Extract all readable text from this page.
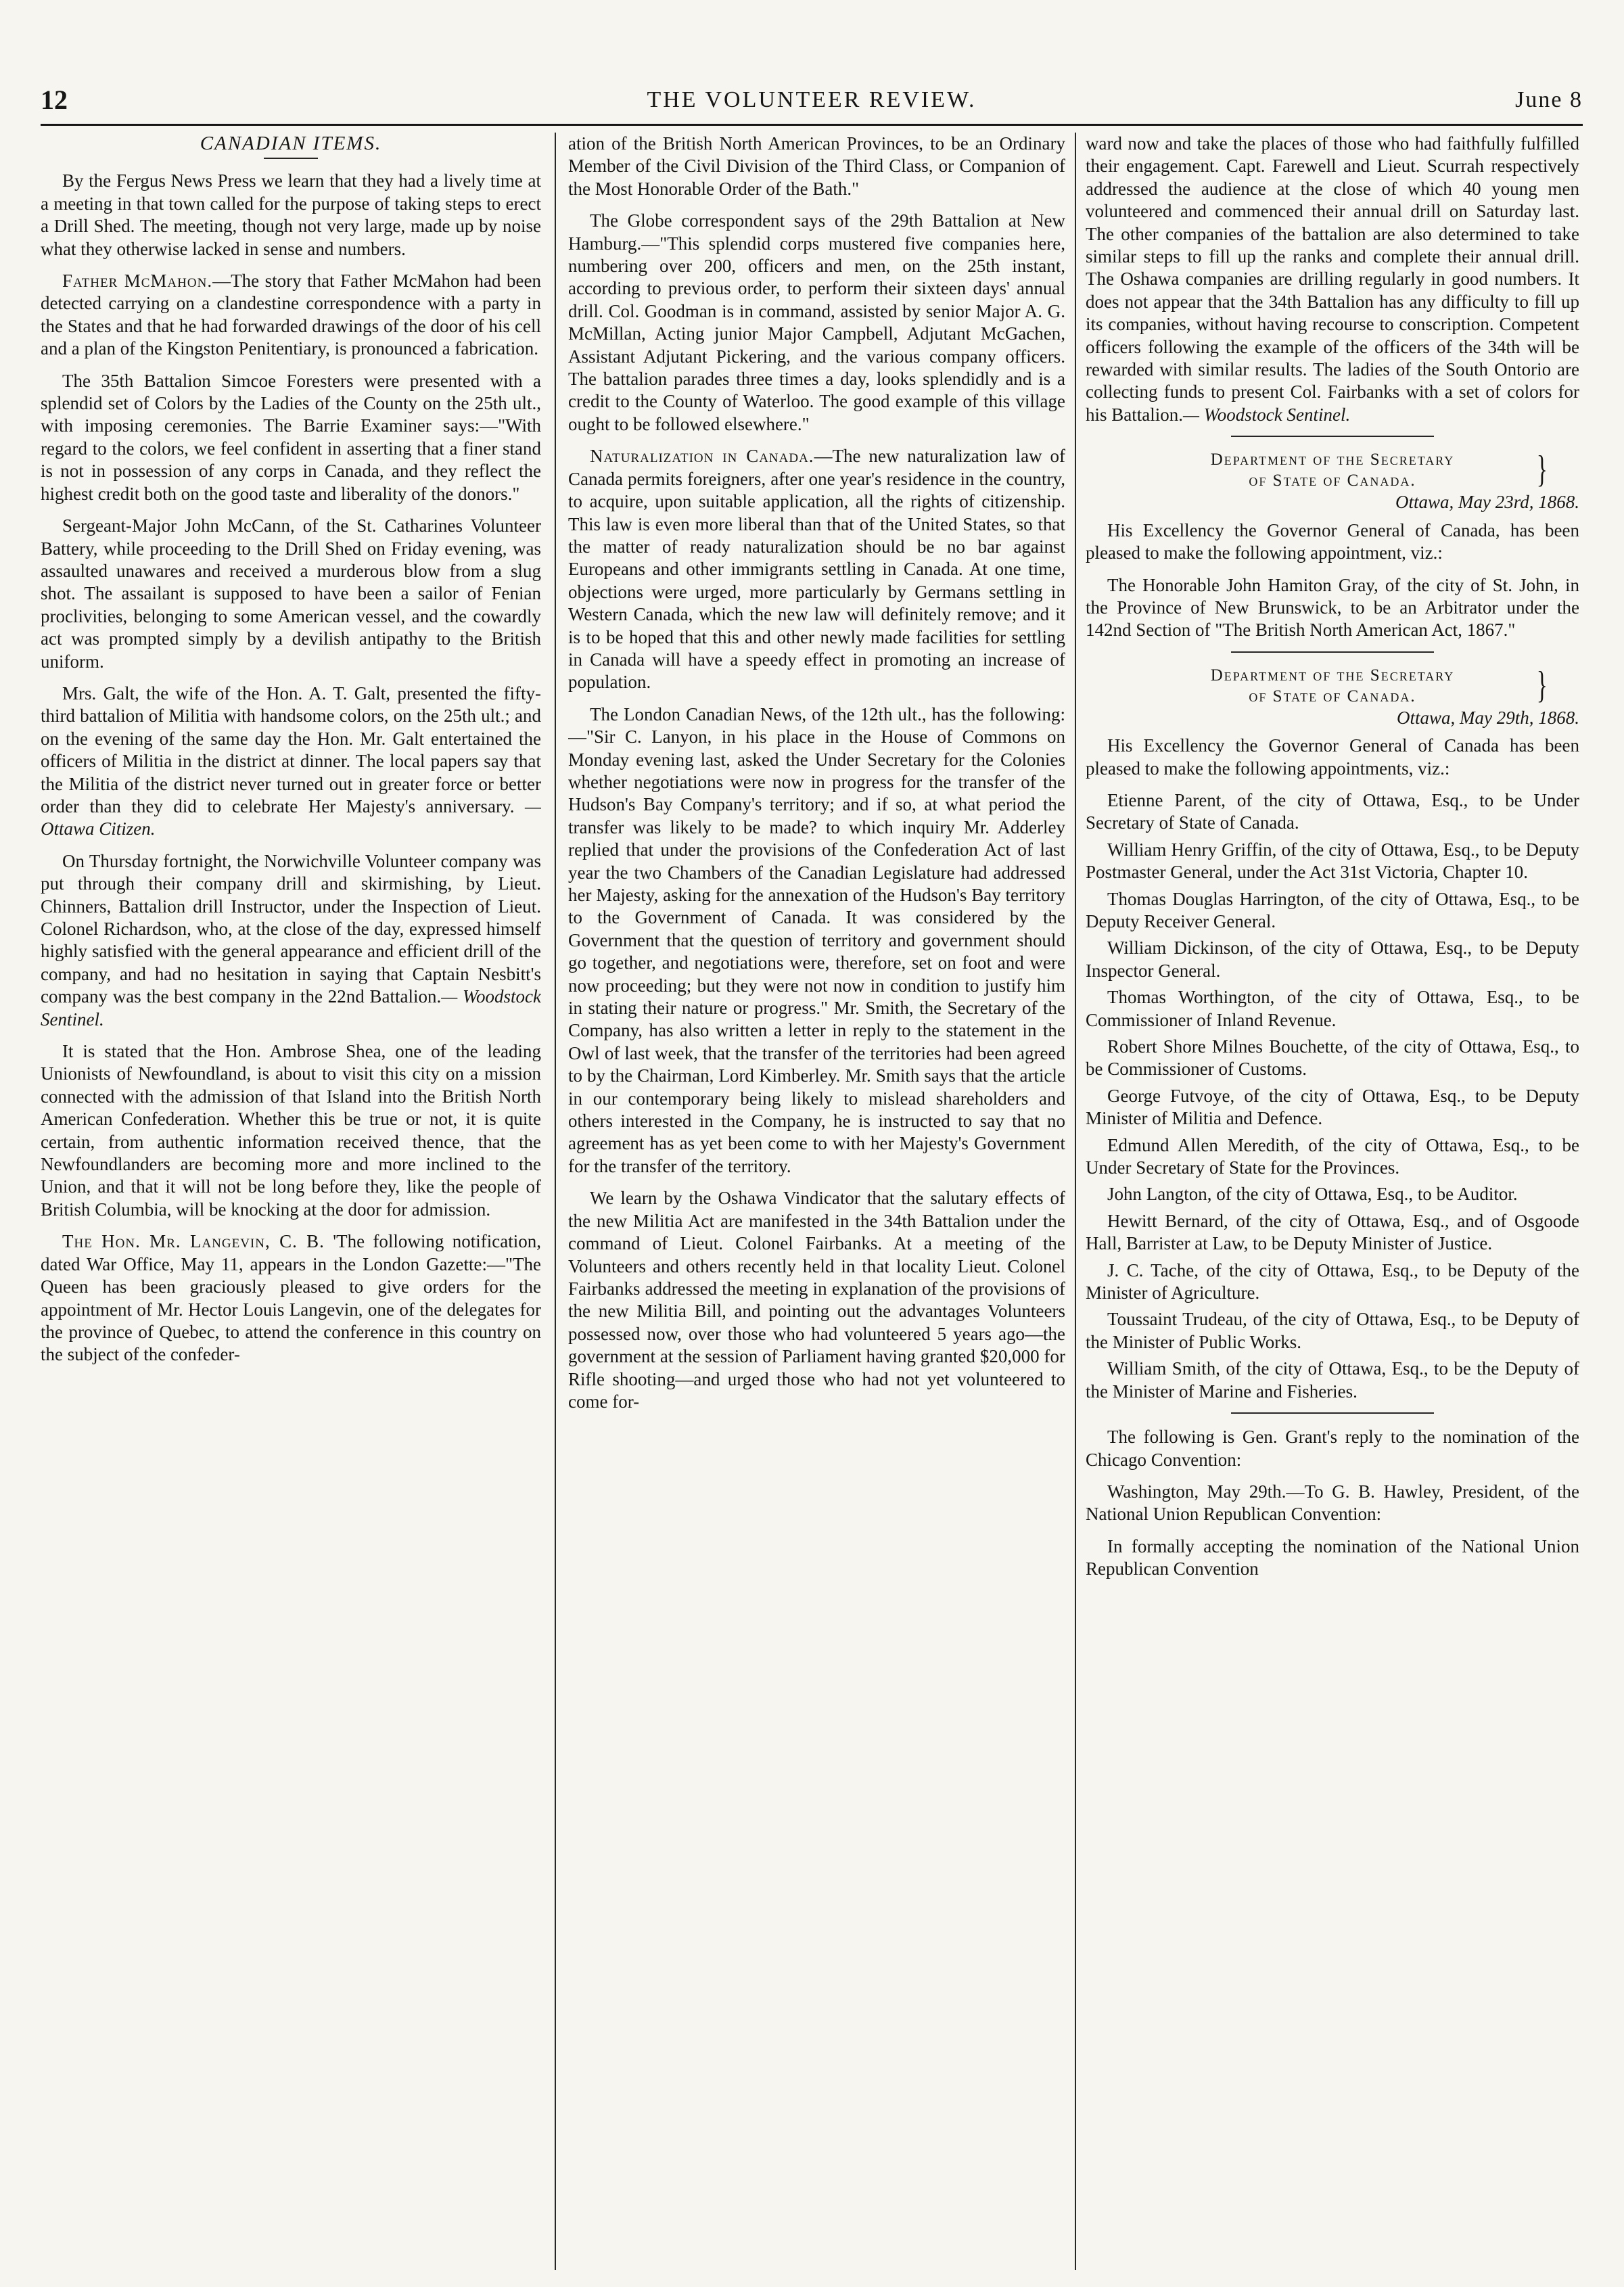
12	THE VOLUNTEER REVIEW.	June 8
CANADIAN ITEMS.

By the Fergus News Press we learn that they had a lively time at a meeting in that town called for the purpose of taking steps to erect a Drill Shed. The meeting, though not very large, made up by noise what they otherwise lacked in sense and numbers.

Father McMahon.—The story that Father McMahon had been detected carrying on a clandestine correspondence with a party in the States and that he had forwarded drawings of the door of his cell and a plan of the Kingston Penitentiary, is pronounced a fabrication.

The 35th Battalion Simcoe Foresters were presented with a splendid set of Colors by the Ladies of the County on the 25th ult., with imposing ceremonies. The Barrie Examiner says:—"With regard to the colors, we feel confident in asserting that a finer stand is not in possession of any corps in Canada, and they reflect the highest credit both on the good taste and liberality of the donors."

Sergeant-Major John McCann, of the St. Catharines Volunteer Battery, while proceeding to the Drill Shed on Friday evening, was assaulted unawares and received a murderous blow from a slug shot. The assailant is supposed to have been a sailor of Fenian proclivities, belonging to some American vessel, and the cowardly act was prompted simply by a devilish antipathy to the British uniform.

Mrs. Galt, the wife of the Hon. A. T. Galt, presented the fifty-third battalion of Militia with handsome colors, on the 25th ult.; and on the evening of the same day the Hon. Mr. Galt entertained the officers of Militia in the district at dinner. The local papers say that the Militia of the district never turned out in greater force or better order than they did to celebrate Her Majesty's anniversary. —Ottawa Citizen.

On Thursday fortnight, the Norwichville Volunteer company was put through their company drill and skirmishing, by Lieut. Chinners, Battalion drill Instructor, under the Inspection of Lieut. Colonel Richardson, who, at the close of the day, expressed himself highly satisfied with the general appearance and efficient drill of the company, and had no hesitation in saying that Captain Nesbitt's company was the best company in the 22nd Battalion.— Woodstock Sentinel.

It is stated that the Hon. Ambrose Shea, one of the leading Unionists of Newfoundland, is about to visit this city on a mission connected with the admission of that Island into the British North American Confederation. Whether this be true or not, it is quite certain, from authentic information received thence, that the Newfoundlanders are becoming more and more inclined to the Union, and that it will not be long before they, like the people of British Columbia, will be knocking at the door for admission.

The Hon. Mr. Langevin, C. B. 'The following notification, dated War Office, May 11, appears in the London Gazette:—"The Queen has been graciously pleased to give orders for the appointment of Mr. Hector Louis Langevin, one of the delegates for the province of Quebec, to attend the conference in this country on the subject of the confeder-

ation of the British North American Provinces, to be an Ordinary Member of the Civil Division of the Third Class, or Companion of the Most Honorable Order of the Bath."

The Globe correspondent says of the 29th Battalion at New Hamburg.—"This splendid corps mustered five companies here, numbering over 200, officers and men, on the 25th instant, according to previous order, to perform their sixteen days' annual drill. Col. Goodman is in command, assisted by senior Major A. G. McMillan, Acting junior Major Campbell, Adjutant McGachen, Assistant Adjutant Pickering, and the various company officers. The battalion parades three times a day, looks splendidly and is a credit to the County of Waterloo. The good example of this village ought to be followed elsewhere."

Naturalization in Canada.—The new naturalization law of Canada permits foreigners, after one year's residence in the country, to acquire, upon suitable application, all the rights of citizenship. This law is even more liberal than that of the United States, so that the matter of ready naturalization should be no bar against Europeans and other immigrants settling in Canada. At one time, objections were urged, more particularly by Germans settling in Western Canada, which the new law will definitely remove; and it is to be hoped that this and other newly made facilities for settling in Canada will have a speedy effect in promoting an increase of population.

The London Canadian News, of the 12th ult., has the following:—"Sir C. Lanyon, in his place in the House of Commons on Monday evening last, asked the Under Secretary for the Colonies whether negotiations were now in progress for the transfer of the Hudson's Bay Company's territory; and if so, at what period the transfer was likely to be made? to which inquiry Mr. Adderley replied that under the provisions of the Confederation Act of last year the two Chambers of the Canadian Legislature had addressed her Majesty, asking for the annexation of the Hudson's Bay territory to the Government of Canada. It was considered by the Government that the question of territory and government should go together, and negotiations were, therefore, set on foot and were now proceeding; but they were not now in condition to justify him in stating their nature or progress." Mr. Smith, the Secretary of the Company, has also written a letter in reply to the statement in the Owl of last week, that the transfer of the territories had been agreed to by the Chairman, Lord Kimberley. Mr. Smith says that the article in our contemporary being likely to mislead shareholders and others interested in the Company, he is instructed to say that no agreement has as yet been come to with her Majesty's Government for the transfer of the territory.

We learn by the Oshawa Vindicator that the salutary effects of the new Militia Act are manifested in the 34th Battalion under the command of Lieut. Colonel Fairbanks. At a meeting of the Volunteers and others recently held in that locality Lieut. Colonel Fairbanks addressed the meeting in explanation of the provisions of the new Militia Bill, and pointing out the advantages Volunteers possessed now, over those who had volunteered 5 years ago—the government at the session of Parliament having granted $20,000 for Rifle shooting—and urged those who had not yet volunteered to come for-

ward now and take the places of those who had faithfully fulfilled their engagement. Capt. Farewell and Lieut. Scurrah respectively addressed the audience at the close of which 40 young men volunteered and commenced their annual drill on Saturday last. The other companies of the battalion are also determined to take similar steps to fill up the ranks and complete their annual drill. The Oshawa companies are drilling regularly in good numbers. It does not appear that the 34th Battalion has any difficulty to fill up its companies, without having recourse to conscription. Competent officers following the example of the officers of the 34th will be rewarded with similar results. The ladies of the South Ontorio are collecting funds to present Col. Fairbanks with a set of colors for his Battalion.— Woodstock Sentinel.

Department of the Secretary
of State of Canada.	}
Ottawa, May 23rd, 1868.

His Excellency the Governor General of Canada, has been pleased to make the following appointment, viz.:

The Honorable John Hamiton Gray, of the city of St. John, in the Province of New Brunswick, to be an Arbitrator under the 142nd Section of "The British North American Act, 1867."

Department of the Secretary
of State of Canada.	}
Ottawa, May 29th, 1868.

His Excellency the Governor General of Canada has been pleased to make the following appointments, viz.:

Etienne Parent, of the city of Ottawa, Esq., to be Under Secretary of State of Canada.

William Henry Griffin, of the city of Ottawa, Esq., to be Deputy Postmaster General, under the Act 31st Victoria, Chapter 10.

Thomas Douglas Harrington, of the city of Ottawa, Esq., to be Deputy Receiver General.

William Dickinson, of the city of Ottawa, Esq., to be Deputy Inspector General.

Thomas Worthington, of the city of Ottawa, Esq., to be Commissioner of Inland Revenue.

Robert Shore Milnes Bouchette, of the city of Ottawa, Esq., to be Commissioner of Customs.

George Futvoye, of the city of Ottawa, Esq., to be Deputy Minister of Militia and Defence.

Edmund Allen Meredith, of the city of Ottawa, Esq., to be Under Secretary of State for the Provinces.

John Langton, of the city of Ottawa, Esq., to be Auditor.

Hewitt Bernard, of the city of Ottawa, Esq., and of Osgoode Hall, Barrister at Law, to be Deputy Minister of Justice.

J. C. Tache, of the city of Ottawa, Esq., to be Deputy of the Minister of Agriculture.

Toussaint Trudeau, of the city of Ottawa, Esq., to be Deputy of the Minister of Public Works.

William Smith, of the city of Ottawa, Esq., to be the Deputy of the Minister of Marine and Fisheries.

The following is Gen. Grant's reply to the nomination of the Chicago Convention:

Washington, May 29th.—To G. B. Hawley, President, of the National Union Republican Convention:

In formally accepting the nomination of the National Union Republican Convention
